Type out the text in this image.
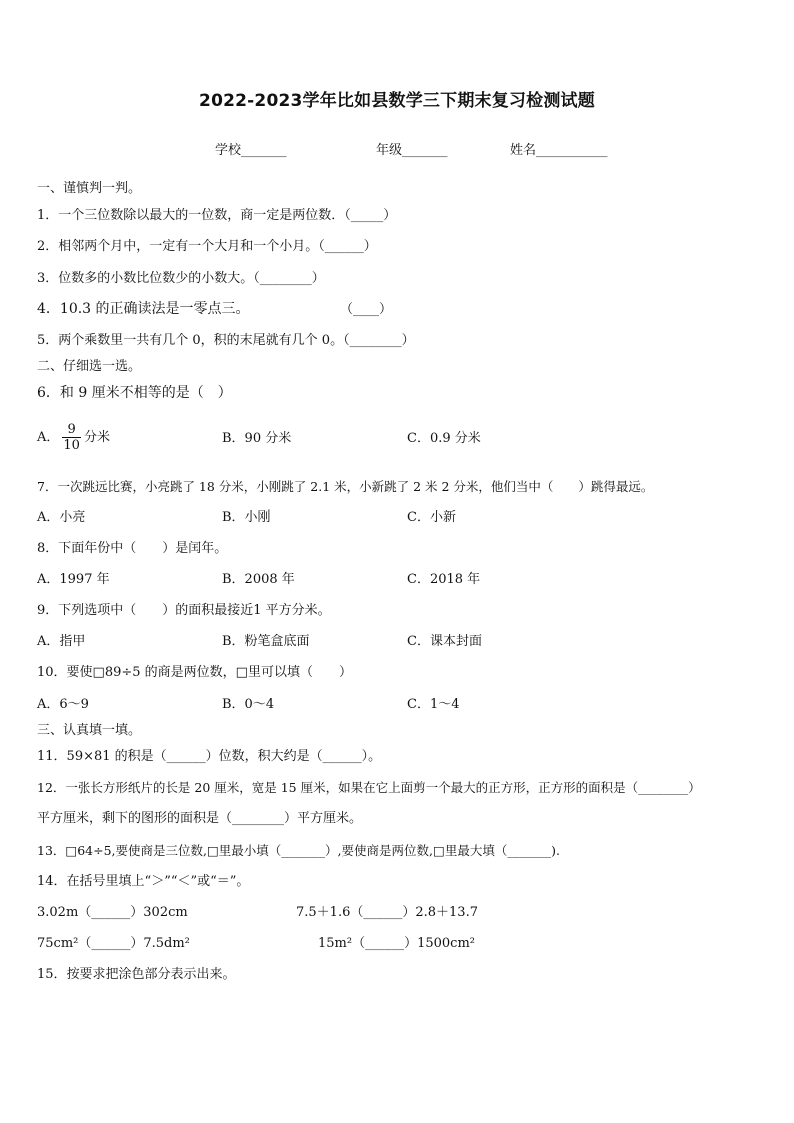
2022-2023学年比如县数学三下期末复习检测试题
学校_______	年级_______	姓名___________
一、谨慎判一判。
1．一个三位数除以最大的一位数，商一定是两位数．（_____）
2．相邻两个月中，一定有一个大月和一个小月。（______）
3．位数多的小数比位数少的小数大。（________）
4．10.3 的正确读法是一零点三。	（____）
5．两个乘数里一共有几个 0，积的末尾就有几个 0。（________）
二、仔细选一选。
6．和 9 厘米不相等的是（　）
A． $\frac{9}{10}$ 分米	B．90 分米	C．0.9 分米
7．一次跳远比赛，小亮跳了 18 分米，小刚跳了 2.1 米，小新跳了 2 米 2 分米，他们当中（　　）跳得最远。
A．小亮	B．小刚	C．小新
8．下面年份中（　　）是闰年。
A．1997 年	B．2008 年	C．2018 年
9．下列选项中（　　）的面积最接近1 平方分米。
A．指甲	B．粉笔盒底面	C．课本封面
10．要使□89÷5 的商是两位数，□里可以填（　　）
A．6～9	B．0～4	C．1～4
三、认真填一填。
11．59×81 的积是（______）位数，积大约是（______）。
12．一张长方形纸片的长是 20 厘米，宽是 15 厘米，如果在它上面剪一个最大的正方形，正方形的面积是（________）
平方厘米，剩下的图形的面积是（________）平方厘米。
13．□64÷5,要使商是三位数,□里最小填（_______）,要使商是两位数,□里最大填（_______).
14．在括号里填上“＞”“＜”或“＝”。
3.02m（______）302cm	7.5＋1.6（______）2.8＋13.7
75cm²（______）7.5dm²	15m²（______）1500cm²
15．按要求把涂色部分表示出来。
